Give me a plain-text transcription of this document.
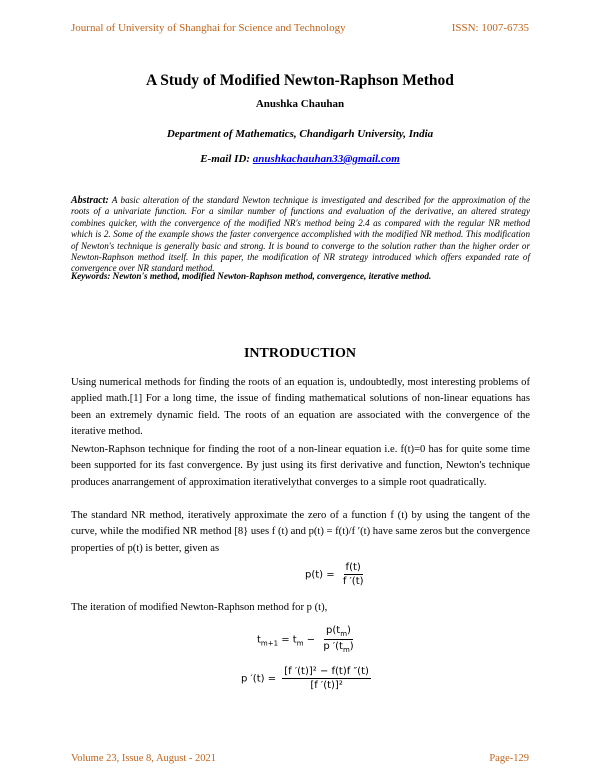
Journal of University of Shanghai for Science and Technology	ISSN: 1007-6735
A Study of Modified Newton-Raphson Method
Anushka Chauhan
Department of Mathematics, Chandigarh University, India
E-mail ID: anushkachauhan33@gmail.com
Abstract: A basic alteration of the standard Newton technique is investigated and described for the approximation of the roots of a univariate function. For a similar number of functions and evaluation of the derivative, an altered strategy combines quicker, with the convergence of the modified NR's method being 2.4 as compared with the regular NR method which is 2. Some of the example shows the faster convergence accomplished with the modified NR method. This modification of Newton's technique is generally basic and strong. It is bound to converge to the solution rather than the higher order or Newton-Raphson method itself. In this paper, the modification of NR strategy introduced which offers expanded rate of convergence over NR standard method.
Keywords: Newton's method, modified Newton-Raphson method, convergence, iterative method.
INTRODUCTION
Using numerical methods for finding the roots of an equation is, undoubtedly, most interesting problems of applied math.[1] For a long time, the issue of finding mathematical solutions of non-linear equations has been an extremely dynamic field. The roots of an equation are associated with the convergence of the iterative method.
Newton-Raphson technique for finding the root of a non-linear equation i.e. f(t)=0 has for quite some time been supported for its fast convergence. By just using its first derivative and function, Newton's technique produces anarrangement of approximation iterativelythat converges to a simple root quadratically.
The standard NR method, iteratively approximate the zero of a function f (t) by using the tangent of the curve, while the modified NR method [8} uses f (t) and p(t) = f(t)/f ′(t) have same zeros but the convergence properties of p(t) is better, given as
$p(t) = \frac{f(t)}{f '(t)}$
The iteration of modified Newton-Raphson method for p (t),
$t_{m+1} = t_m - \frac{p(t_m)}{p '(t_m)}$
p $'(t) = \frac{\text{[f ′(t)]² − f(t)f ″(t)}}{\text{[f ′(t)]²}}$
Volume 23, Issue 8, August - 2021	Page-129
